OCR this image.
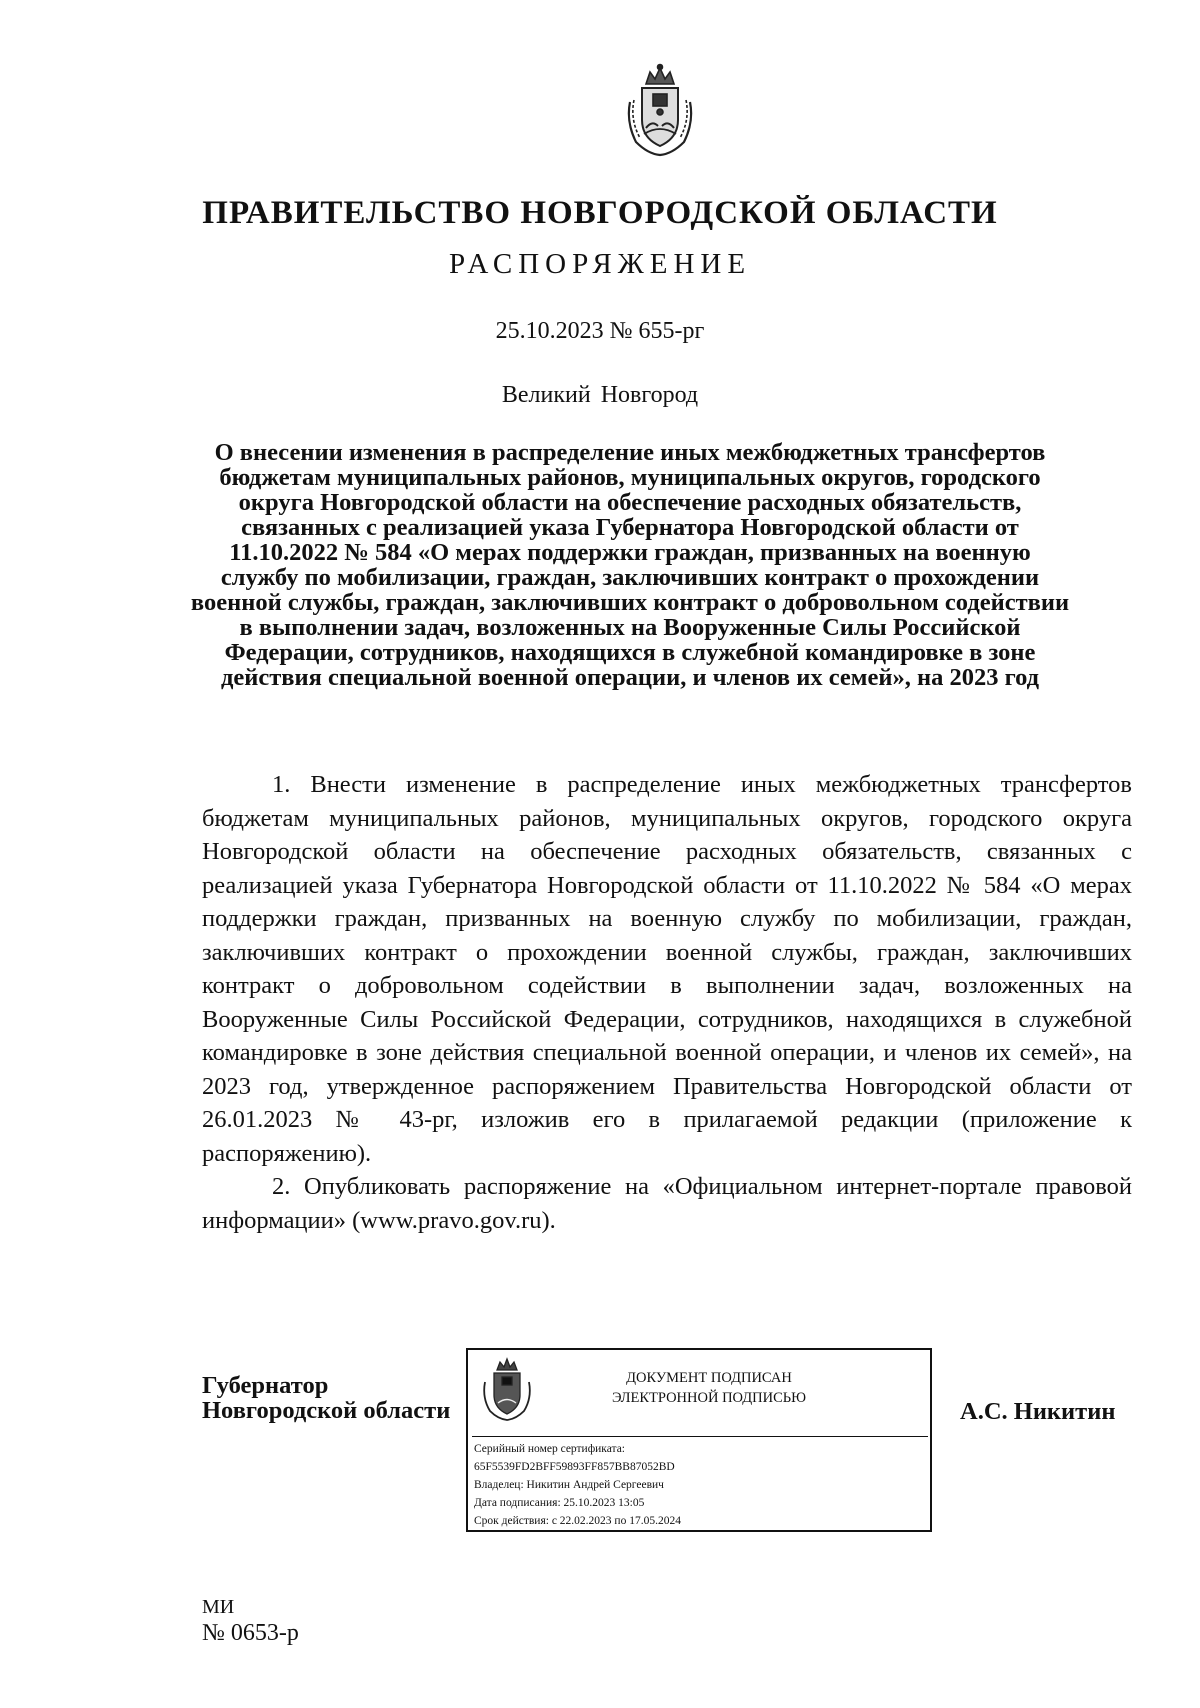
ПРАВИТЕЛЬСТВО НОВГОРОДСКОЙ ОБЛАСТИ
РАСПОРЯЖЕНИЕ
25.10.2023 № 655-рг
Великий Новгород
О внесении изменения в распределение иных межбюджетных трансфертов бюджетам муниципальных районов, муниципальных округов, городского округа Новгородской области на обеспечение расходных обязательств, связанных с реализацией указа Губернатора Новгородской области от 11.10.2022 № 584 «О мерах поддержки граждан, призванных на военную службу по мобилизации, граждан, заключивших контракт о прохождении военной службы, граждан, заключивших контракт о добровольном содействии в выполнении задач, возложенных на Вооруженные Силы Российской Федерации, сотрудников, находящихся в служебной командировке в зоне действия специальной военной операции, и членов их семей», на 2023 год

1. Внести изменение в распределение иных межбюджетных трансфертов бюджетам муниципальных районов, муниципальных округов, городского округа Новгородской области на обеспечение расходных обязательств, связанных с реализацией указа Губернатора Новгородской области от 11.10.2022 № 584 «О мерах поддержки граждан, призванных на военную службу по мобилизации, граждан, заключивших контракт о прохождении военной службы, граждан, заключивших контракт о добровольном содействии в выполнении задач, возложенных на Вооруженные Силы Российской Федерации, сотрудников, находящихся в служебной командировке в зоне действия специальной военной операции, и членов их семей», на 2023 год, утвержденное распоряжением Правительства Новгородской области от 26.01.2023 № 43-рг, изложив его в прилагаемой редакции (приложение к распоряжению).

2. Опубликовать распоряжение на «Официальном интернет-портале правовой информации» (www.pravo.gov.ru).

Губернатор
Новгородской области
ДОКУМЕНТ ПОДПИСАН
ЭЛЕКТРОННОЙ ПОДПИСЬЮ
Серийный номер сертификата:
65F5539FD2BFF59893FF857BB87052BD
Владелец: Никитин Андрей Сергеевич
Дата подписания: 25.10.2023 13:05
Срок действия: с 22.02.2023 по 17.05.2024
А.С. Никитин
МИ
№ 0653-р
